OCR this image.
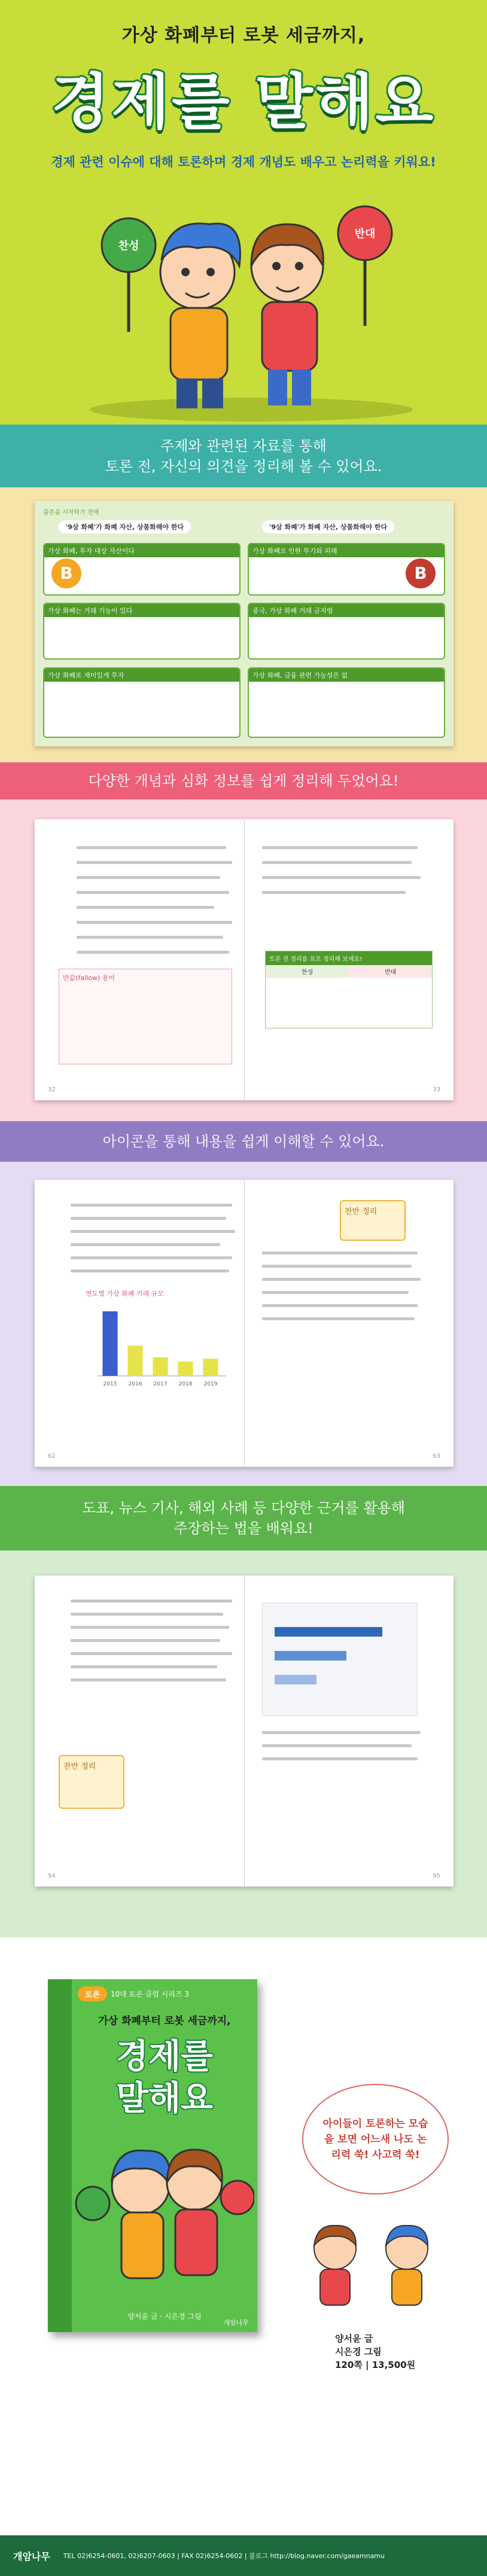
가상 화폐부터 로봇 세금까지,
경제를 말해요
경제 관련 이슈에 대해 토론하며 경제 개념도 배우고 논리력을 키워요!
찬성
반대
주제와 관련된 자료를 통해
토론 전, 자신의 의견을 정리해 볼 수 있어요.
출론을 시작하기 전에
'9삼 화폐'가 화폐 자산, 상품화해야 한다	'9삼 화폐'가 화폐 자산, 상품화해야 한다
가상 화폐, 투자 대상 자산이다
B
가상 화폐는 거래 기능이 있다
가상 화폐로 재미있게 투자
가상 화폐로 인한 투기와 피해
B
중국, 가상 화폐 거래 금지령
가상 화폐, 금융 관련 가능성은 없
다양한 개념과 심화 정보를 쉽게 정리해 두었어요!
반값(fallow) 용어
32
토론 전 정리를 표로 정리해 보세요!
찬성	반대
33
아이콘을 통해 내용을 쉽게 이해할 수 있어요.
연도별 가상 화폐 거래 규모
2015 2016 2017 2018 2019
찬반 정리
62	63
도표, 뉴스 기사, 해외 사례 등 다양한 근거를 활용해
주장하는 법을 배워요!
찬반 정리
94	95
토론	10대 토론 클럽 시리즈 3
가상 화폐부터 로봇 세금까지,
경제를
말해요
양서윤 글 · 시은경 그림
개암나무
아이들이 토론하는 모습을 보면 어느새 나도 논리력 쑥! 사고력 쑥!
양서윤 글
시은경 그림
120쪽 | 13,500원
개암나무 TEL 02)6254-0601, 02)6207-0603 | FAX 02)6254-0602 | 블로그 http://blog.naver.com/gaeamnamu
